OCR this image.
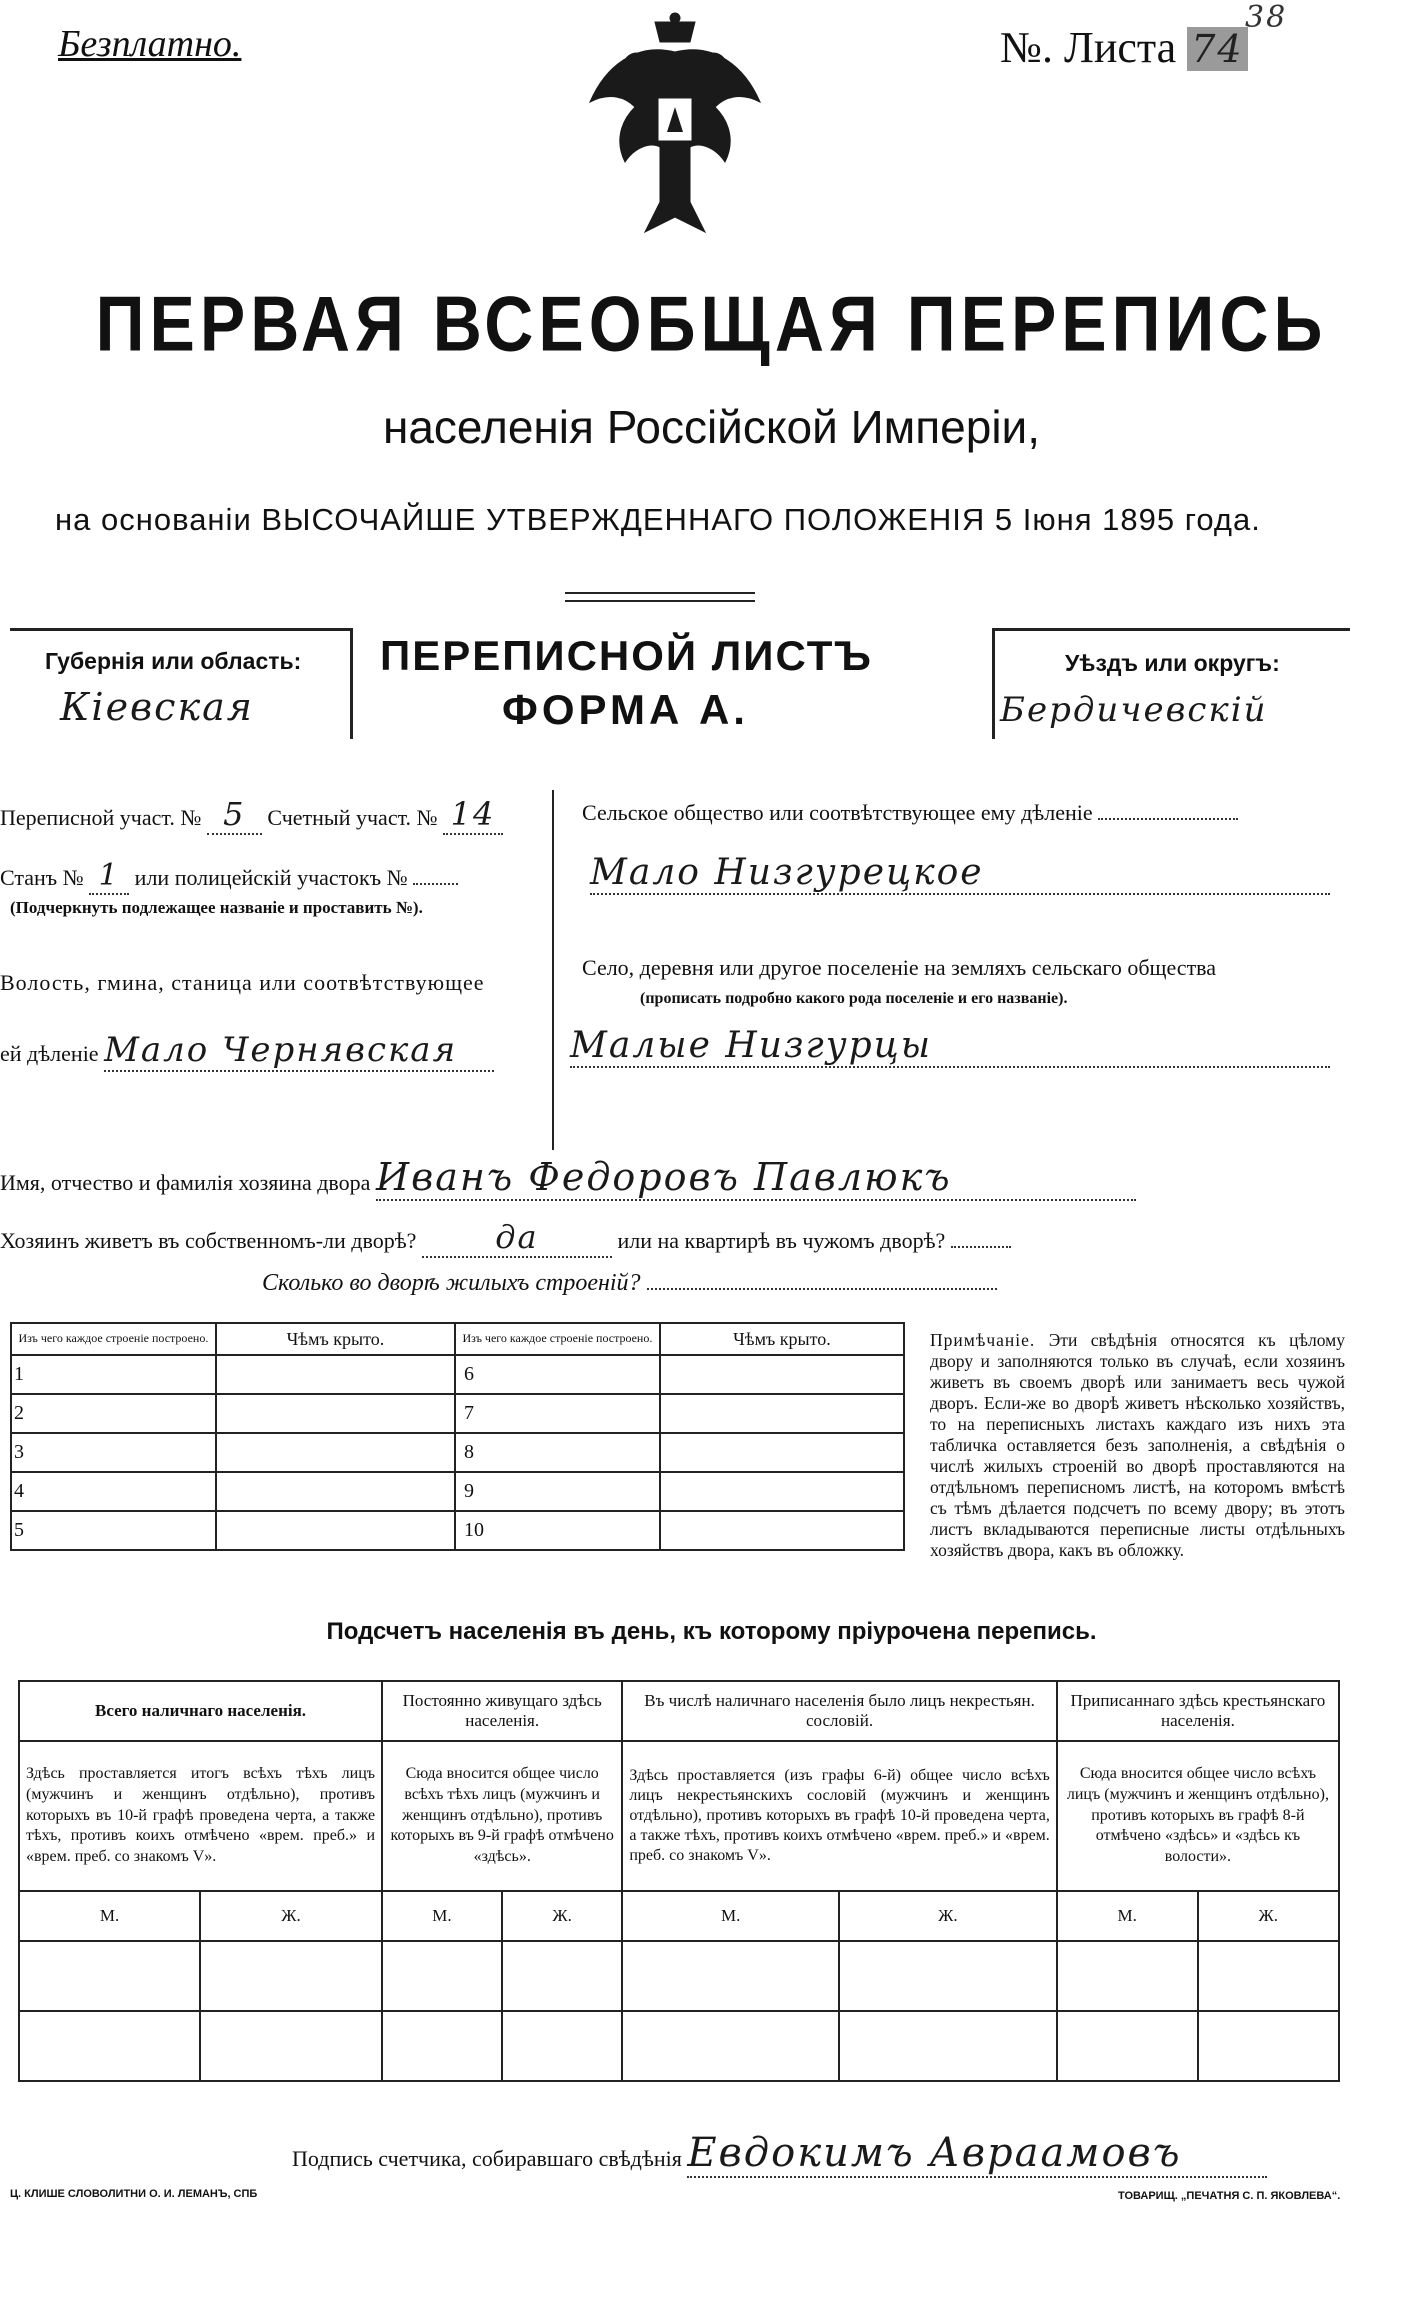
Безплатно.	№. Листа 74
38
ПЕРВАЯ ВСЕОБЩАЯ ПЕРЕПИСЬ
населенія Россійской Имперіи,
на основаніи ВЫСОЧАЙШЕ УТВЕРЖДЕННАГО ПОЛОЖЕНІЯ 5 Іюня 1895 года.
Губернія или область:
Кіевская
ПЕРЕПИСНОЙ ЛИСТЪ
ФОРМА А.
Уѣздъ или округъ:
Бердичевскій
Переписной участ. № 5 Счетный участ. № 14
Станъ № 1 или полицейскій участокъ №
(Подчеркнуть подлежащее названіе и проставить №).
Волость, гмина, станица или соотвѣтствующее
ей дѣленіе Мало Чернявская
Сельское общество или соотвѣтствующее ему дѣленіе
Мало Низгурецкое
Село, деревня или другое поселеніе на земляхъ сельскаго общества
(прописать подробно какого рода поселеніе и его названіе).
Малые Низгурцы
Имя, отчество и фамилія хозяина двора Иванъ Федоровъ Павлюкъ
Хозяинъ живетъ въ собственномъ-ли дворѣ? да	или на квартирѣ въ чужомъ дворѣ?
Сколько во дворѣ жилыхъ строеній?
Изъ чего каждое строеніе построено.	Чѣмъ крыто.	Изъ чего каждое строеніе построено.	Чѣмъ крыто.
1		6	
2		7	
3		8	
4		9	
5		10	
Примѣчаніе. Эти свѣдѣнія относятся къ цѣлому двору и заполняются только въ случаѣ, если хозяинъ живетъ въ своемъ дворѣ или занимаетъ весь чужой дворъ. Если-же во дворѣ живетъ нѣсколько хозяйствъ, то на переписныхъ листахъ каждаго изъ нихъ эта табличка оставляется безъ заполненія, а свѣдѣнія о числѣ жилыхъ строеній во дворѣ проставляются на отдѣльномъ переписномъ листѣ, на которомъ вмѣстѣ съ тѣмъ дѣлается подсчетъ по всему двору; въ этотъ листъ вкладываются переписные листы отдѣльныхъ хозяйствъ двора, какъ въ обложку.
Подсчетъ населенія въ день, къ которому пріурочена перепись.
Всего наличнаго населенія.		Постоянно живущаго здѣсь населенія.		Въ числѣ наличнаго населенія было лицъ некрестьян. сословій.		Приписаннаго здѣсь крестьянскаго населенія.	
Здѣсь проставляется итогъ всѣхъ тѣхъ лицъ (мужчинъ и женщинъ отдѣльно), противъ которыхъ въ 10-й графѣ проведена черта, а также тѣхъ, противъ коихъ отмѣчено «врем. преб.» и «врем. преб. со знакомъ V».		Сюда вносится общее число всѣхъ тѣхъ лицъ (мужчинъ и женщинъ отдѣльно), противъ которыхъ въ 9-й графѣ отмѣчено «здѣсь».		Здѣсь проставляется (изъ графы 6-й) общее число всѣхъ лицъ некрестьянскихъ сословій (мужчинъ и женщинъ отдѣльно), противъ которыхъ въ графѣ 10-й проведена черта, а также тѣхъ, противъ коихъ отмѣчено «врем. преб.» и «врем. преб. со знакомъ V».		Сюда вносится общее число всѣхъ лицъ (мужчинъ и женщинъ отдѣльно), противъ которыхъ въ графѣ 8-й отмѣчено «здѣсь» и «здѣсь къ волости».	
М.	Ж.	М.	Ж.	М.	Ж.	М.	Ж.

Подпись счетчика, собиравшаго свѣдѣнія Евдокимъ Авраамовъ
Ц. КЛИШЕ СЛОВОЛИТНИ О. И. ЛЕМАНЪ, СПБ	ТОВАРИЩ. „ПЕЧАТНЯ С. П. ЯКОВЛЕВА“.
